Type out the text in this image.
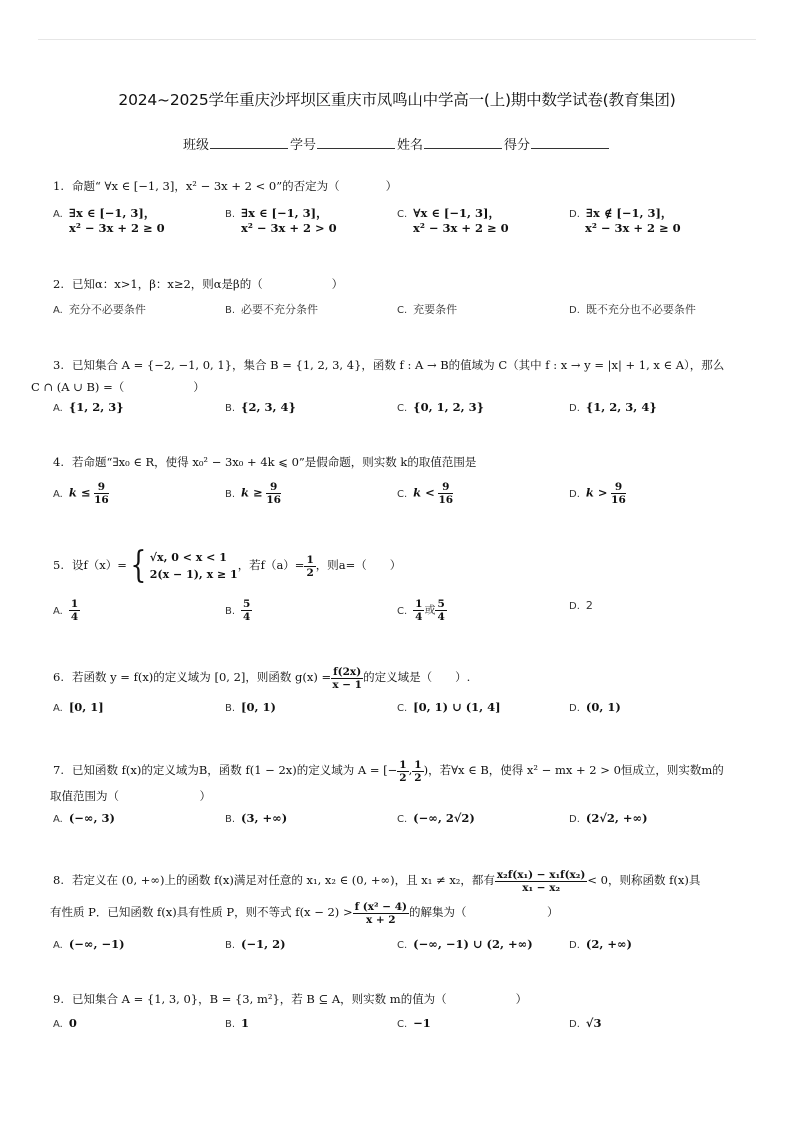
2024~2025学年重庆沙坪坝区重庆市凤鸣山中学高一(上)期中数学试卷(教育集团)
班级	学号	姓名	得分
1. 命题“ ∀x ∈ [−1, 3]，x² − 3x + 2 < 0”的否定为（　　　　）
A. ∃x ∈ [−1, 3]，
x² − 3x + 2 ≥ 0
B. ∃x ∈ [−1, 3]，
x² − 3x + 2 > 0
C. ∀x ∈ [−1, 3]，
x² − 3x + 2 ≥ 0
D. ∃x ∉ [−1, 3]，
x² − 3x + 2 ≥ 0
2. 已知α：x>1，β：x≥2，则α是β的（　　　　　　）
A. 充分不必要条件	B. 必要不充分条件	C. 充要条件	D. 既不充分也不必要条件
3. 已知集合 A = {−2, −1, 0, 1}，集合 B = {1, 2, 3, 4}，函数 f : A → B的值域为 C（其中 f : x → y = |x| + 1, x ∈ A），那么
C ∩ (A ∪ B) =（　　　　　　）
A. {1, 2, 3}	B. {2, 3, 4}	C. {0, 1, 2, 3}	D. {1, 2, 3, 4}
4. 若命题“∃x₀ ∈ R，使得 x₀² − 3x₀ + 4k ⩽ 0”是假命题，则实数 k的取值范围是
A. $k \le \frac{9}{16}$	B. $k \ge \frac{9}{16}$	C. $k < \frac{9}{16}$	D. $k > \frac{9}{16}$
5. 设f（x）={ √x, 0 < x < 1
2(x − 1), x ≥ 1
，若$f(a)= \frac{1}{2}$ ，则a=（　　）
A. $\frac{1}{4}$	B. $\frac{5}{4}$	C. $\frac{1}{4}$ 或 $\frac{5}{4}$	D. 2
6. 若函数 y = f(x)的定义域为 [0, 2]，则函数 $g(x) = \frac{f(2x)}{x - 1}$ 的定义域是（　　）.
A. [0, 1]	B. [0, 1)	C. [0, 1) ∪ (1, 4]	D. (0, 1)
7. 已知函数 f(x)的定义域为B，函数 f(1 − 2x)的定义域为 A = [− $\frac{1}{2}$ , $\frac{1}{2}$ )，若∀x ∈ B，使得 x² − mx + 2 > 0恒成立，则实数m的
取值范围为（　　　　　　　）
A. (−∞, 3)	B. (3, +∞)	C. (−∞, 2√2)	D. (2√2, +∞)
8. 若定义在 (0, +∞)上的函数 f(x)满足对任意的 x₁, x₂ ∈ (0, +∞)，且 x₁ ≠ x₂，都有 $\frac{\text{x₂f(x₁) − x₁f(x₂)}}{\text{x₁ − x₂}} < 0$，则称函数 f(x)具
有性质 P．已知函数 f(x)具有性质 P，则不等式 $f(x - 2) > \frac{\text{f (x² − 4)}}{x + 2}$ 的解集为（　　　　　　　）
A. (−∞, −1)	B. (−1, 2)	C. (−∞, −1) ∪ (2, +∞)	D. (2, +∞)
9. 已知集合 A = {1, 3, 0}，B = {3, m²}，若 B ⊆ A，则实数 m的值为（　　　　　　）
A. 0	B. 1	C. −1	D. √3
